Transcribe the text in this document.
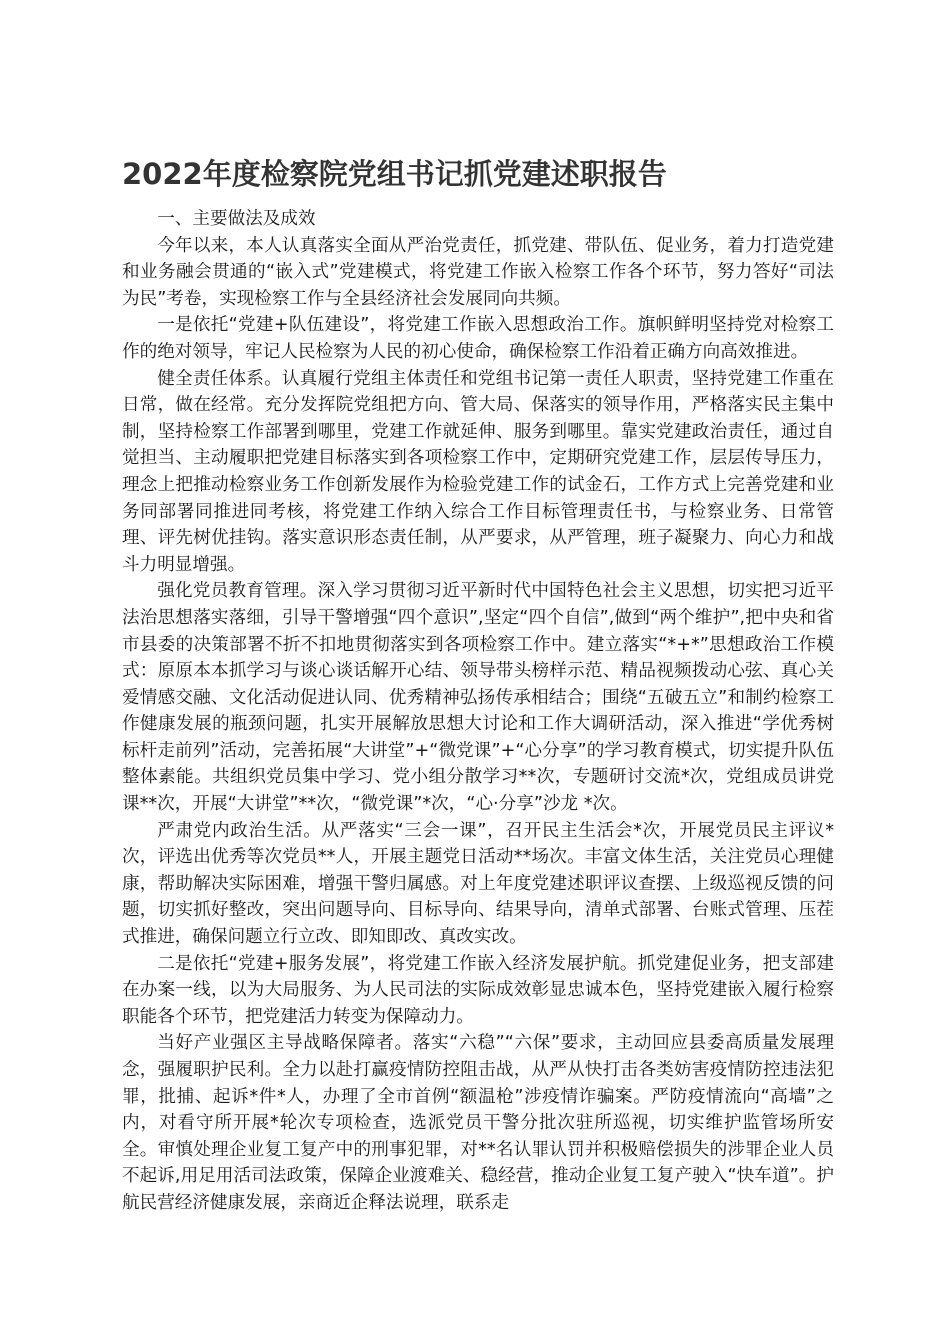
2022年度检察院党组书记抓党建述职报告

一、主要做法及成效

今年以来，本人认真落实全面从严治党责任，抓党建、带队伍、促业务，着力打造党建和业务融会贯通的“嵌入式”党建模式，将党建工作嵌入检察工作各个环节，努力答好“司法为民”考卷，实现检察工作与全县经济社会发展同向共频。

一是依托“党建+队伍建设”，将党建工作嵌入思想政治工作。旗帜鲜明坚持党对检察工作的绝对领导，牢记人民检察为人民的初心使命，确保检察工作沿着正确方向高效推进。

健全责任体系。认真履行党组主体责任和党组书记第一责任人职责，坚持党建工作重在日常，做在经常。充分发挥院党组把方向、管大局、保落实的领导作用，严格落实民主集中制，坚持检察工作部署到哪里，党建工作就延伸、服务到哪里。靠实党建政治责任，通过自觉担当、主动履职把党建目标落实到各项检察工作中，定期研究党建工作，层层传导压力，理念上把推动检察业务工作创新发展作为检验党建工作的试金石，工作方式上完善党建和业务同部署同推进同考核，将党建工作纳入综合工作目标管理责任书，与检察业务、日常管理、评先树优挂钩。落实意识形态责任制，从严要求，从严管理，班子凝聚力、向心力和战斗力明显增强。

强化党员教育管理。深入学习贯彻习近平新时代中国特色社会主义思想，切实把习近平法治思想落实落细，引导干警增强“四个意识”,坚定“四个自信”,做到“两个维护”,把中央和省市县委的决策部署不折不扣地贯彻落实到各项检察工作中。建立落实“*+*”思想政治工作模式：原原本本抓学习与谈心谈话解开心结、领导带头榜样示范、精品视频拨动心弦、真心关爱情感交融、文化活动促进认同、优秀精神弘扬传承相结合；围绕“五破五立”和制约检察工作健康发展的瓶颈问题，扎实开展解放思想大讨论和工作大调研活动，深入推进“学优秀树标杆走前列”活动，完善拓展“大讲堂”+“微党课”+“心分享”的学习教育模式，切实提升队伍整体素能。共组织党员集中学习、党小组分散学习**次，专题研讨交流*次，党组成员讲党课**次，开展“大讲堂”**次，“微党课”*次，“心·分享”沙龙 *次。

严肃党内政治生活。从严落实“三会一课”，召开民主生活会*次，开展党员民主评议*次，评选出优秀等次党员**人，开展主题党日活动**场次。丰富文体生活，关注党员心理健康，帮助解决实际困难，增强干警归属感。对上年度党建述职评议查摆、上级巡视反馈的问题，切实抓好整改，突出问题导向、目标导向、结果导向，清单式部署、台账式管理、压茬式推进，确保问题立行立改、即知即改、真改实改。

二是依托“党建+服务发展”，将党建工作嵌入经济发展护航。抓党建促业务，把支部建在办案一线，以为大局服务、为人民司法的实际成效彰显忠诚本色，坚持党建嵌入履行检察职能各个环节，把党建活力转变为保障动力。

当好产业强区主导战略保障者。落实“六稳”“六保”要求，主动回应县委高质量发展理念，强履职护民利。全力以赴打赢疫情防控阻击战，从严从快打击各类妨害疫情防控违法犯罪，批捕、起诉*件*人，办理了全市首例“额温枪”涉疫情诈骗案。严防疫情流向“高墙”之内，对看守所开展*轮次专项检查，选派党员干警分批次驻所巡视，切实维护监管场所安全。审慎处理企业复工复产中的刑事犯罪，对**名认罪认罚并积极赔偿损失的涉罪企业人员不起诉,用足用活司法政策，保障企业渡难关、稳经营，推动企业复工复产驶入“快车道”。护航民营经济健康发展，亲商近企释法说理，联系走
